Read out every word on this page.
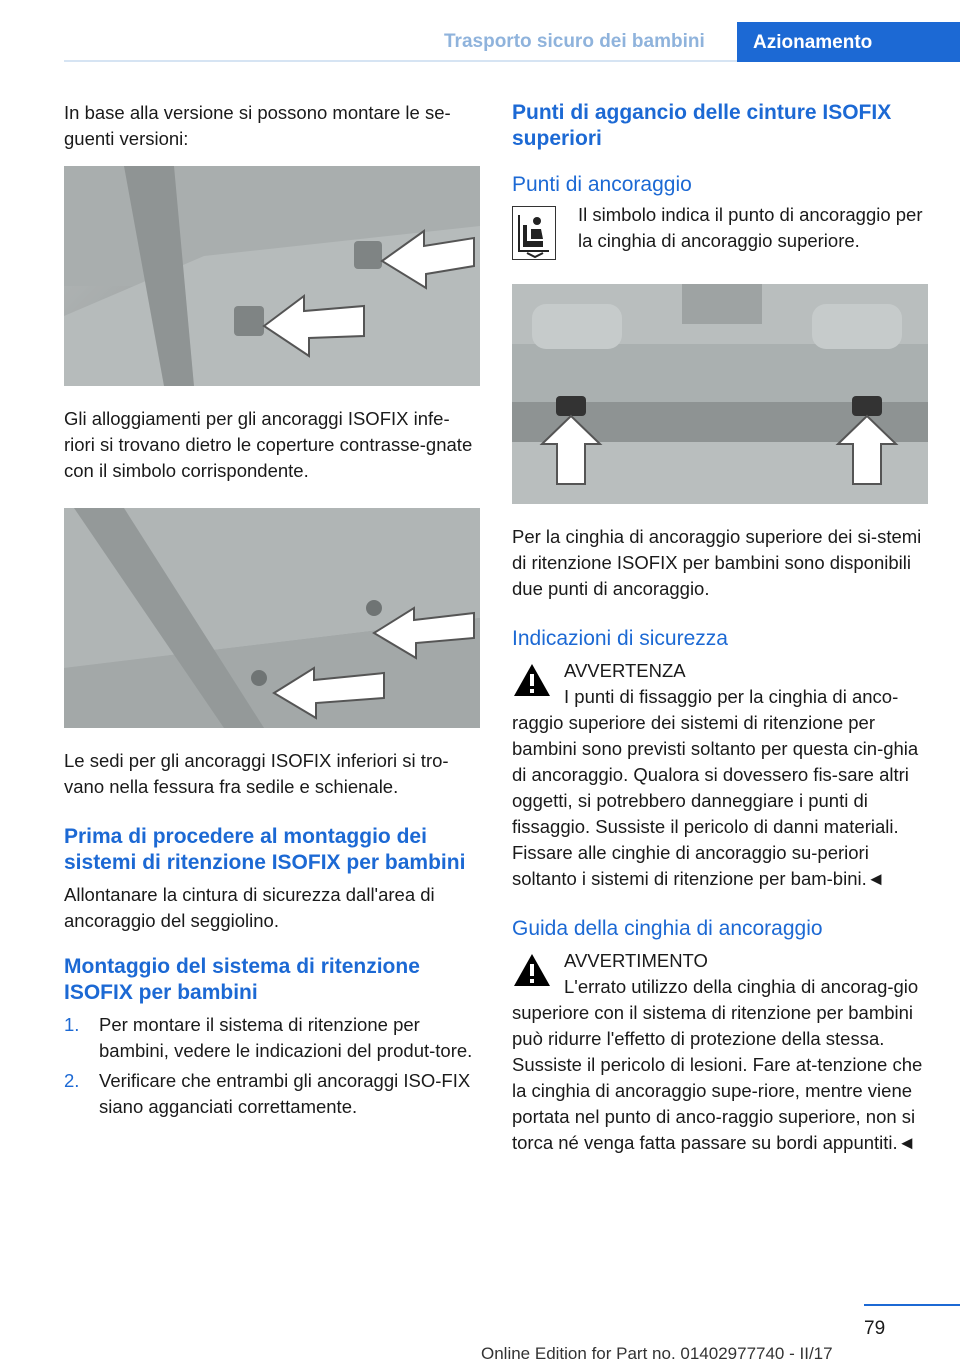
Trasporto sicuro dei bambini	Azionamento

In base alla versione si possono montare le se-guenti versioni:

Gli alloggiamenti per gli ancoraggi ISOFIX infe-riori si trovano dietro le coperture contrasse-gnate con il simbolo corrispondente.

Le sedi per gli ancoraggi ISOFIX inferiori si tro-vano nella fessura fra sedile e schienale.

Prima di procedere al montaggio dei sistemi di ritenzione ISOFIX per bambini

Allontanare la cintura di sicurezza dall'area di ancoraggio del seggiolino.

Montaggio del sistema di ritenzione ISOFIX per bambini
1. Per montare il sistema di ritenzione per bambini, vedere le indicazioni del produt-tore.
2. Verificare che entrambi gli ancoraggi ISO-FIX siano agganciati correttamente.
Punti di aggancio delle cinture ISOFIX superiori
Punti di ancoraggio

Il simbolo indica il punto di ancoraggio per la cinghia di ancoraggio superiore.

Per la cinghia di ancoraggio superiore dei si-stemi di ritenzione ISOFIX per bambini sono disponibili due punti di ancoraggio.

Indicazioni di sicurezza

AVVERTENZA

I punti di fissaggio per la cinghia di anco-raggio superiore dei sistemi di ritenzione per bambini sono previsti soltanto per questa cin-ghia di ancoraggio. Qualora si dovessero fis-sare altri oggetti, si potrebbero danneggiare i punti di fissaggio. Sussiste il pericolo di danni materiali. Fissare alle cinghie di ancoraggio su-periori soltanto i sistemi di ritenzione per bam-bini.◄

Guida della cinghia di ancoraggio

AVVERTIMENTO

L'errato utilizzo della cinghia di ancorag-gio superiore con il sistema di ritenzione per bambini può ridurre l'effetto di protezione della stessa. Sussiste il pericolo di lesioni. Fare at-tenzione che la cinghia di ancoraggio supe-riore, mentre viene portata nel punto di anco-raggio superiore, non si torca né venga fatta passare su bordi appuntiti.◄

79
Online Edition for Part no. 01402977740 - II/17
